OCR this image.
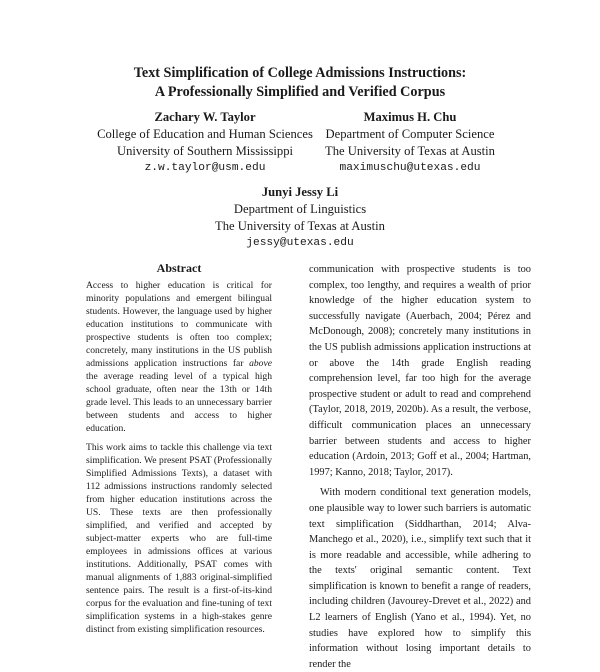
Text Simplification of College Admissions Instructions:
A Professionally Simplified and Verified Corpus
Zachary W. Taylor
College of Education and Human Sciences
University of Southern Mississippi
z.w.taylor@usm.edu
Maximus H. Chu
Department of Computer Science
The University of Texas at Austin
maximuschu@utexas.edu
Junyi Jessy Li
Department of Linguistics
The University of Texas at Austin
jessy@utexas.edu
Abstract

Access to higher education is critical for minority populations and emergent bilingual students. However, the language used by higher education institutions to communicate with prospective students is often too complex; concretely, many institutions in the US publish admissions application instructions far above the average reading level of a typical high school graduate, often near the 13th or 14th grade level. This leads to an unnecessary barrier between students and access to higher education.

This work aims to tackle this challenge via text simplification. We present PSAT (Professionally Simplified Admissions Texts), a dataset with 112 admissions instructions randomly selected from higher education institutions across the US. These texts are then professionally simplified, and verified and accepted by subject-matter experts who are full-time employees in admissions offices at various institutions. Additionally, PSAT comes with manual alignments of 1,883 original-simplified sentence pairs. The result is a first-of-its-kind corpus for the evaluation and fine-tuning of text simplification systems in a high-stakes genre distinct from existing simplification resources.

communication with prospective students is too complex, too lengthy, and requires a wealth of prior knowledge of the higher education system to successfully navigate (Auerbach, 2004; Pérez and McDonough, 2008); concretely many institutions in the US publish admissions application instructions at or above the 14th grade English reading comprehension level, far too high for the average prospective student or adult to read and comprehend (Taylor, 2018, 2019, 2020b). As a result, the verbose, difficult communication places an unnecessary barrier between students and access to higher education (Ardoin, 2013; Goff et al., 2004; Hartman, 1997; Kanno, 2018; Taylor, 2017).

With modern conditional text generation models, one plausible way to lower such barriers is automatic text simplification (Siddharthan, 2014; Alva-Manchego et al., 2020), i.e., simplify text such that it is more readable and accessible, while adhering to the texts' original semantic content. Text simplification is known to benefit a range of readers, including children (Javourey-Drevet et al., 2022) and L2 learners of English (Yano et al., 1994). Yet, no studies have explored how to simplify this information without losing important details to render the
